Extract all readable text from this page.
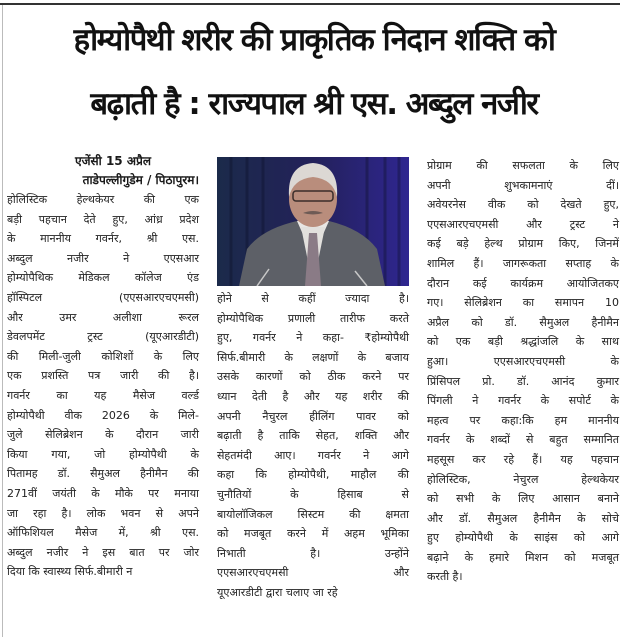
होम्योपैथी शरीर की प्राकृतिक निदान शक्ति को
बढ़ाती है : राज्यपाल श्री एस. अब्दुल नजीर
एजेंसी 15 अप्रैल
ताडेपल्लीगुडेम / पिठापुरम।
होलिस्टिक हेल्थकेयर की एक
बड़ी पहचान देते हुए, आंध्र प्रदेश
के माननीय गवर्नर, श्री एस.
अब्दुल नजीर ने एएसआर
होम्योपैथिक मेडिकल कॉलेज एंड
हॉस्पिटल (एएसआरएचएमसी)
और उमर अलीशा रूरल
डेवलपमेंट ट्रस्ट (यूएआरडीटी)
की मिली-जुली कोशिशों के लिए
एक प्रशस्ति पत्र जारी की है।
गवर्नर का यह मैसेज वर्ल्ड
होम्योपैथी वीक 2026 के मिले-
जुले सेलिब्रेशन के दौरान जारी
किया गया, जो होम्योपैथी के
पितामह डॉ. सैमुअल हैनीमैन की
271वीं जयंती के मौके पर मनाया
जा रहा है। लोक भवन से अपने
ऑफिशियल मैसेज में, श्री एस.
अब्दुल नजीर ने इस बात पर जोर
दिया कि स्वास्थ्य सिर्फ.बीमारी न
होने से कहीं ज्यादा है।
होम्योपैथिक प्रणाली तारीफ करते
हुए, गवर्नर ने कहा- ₹होम्योपैथी
सिर्फ.बीमारी के लक्षणों के बजाय
उसके कारणों को ठीक करने पर
ध्यान देती है और यह शरीर की
अपनी नैचुरल हीलिंग पावर को
बढ़ाती है ताकि सेहत, शक्ति और
सेहतमंदी आए। गवर्नर ने आगे
कहा कि होम्योपैथी, माहौल की
चुनौतियों के हिसाब से
बायोलॉजिकल सिस्टम की क्षमता
को मजबूत करने में अहम भूमिका
निभाती है। उन्होंने
एएसआरएचएमसी और
यूएआरडीटी द्वारा चलाए जा रहे
प्रोग्राम की सफलता के लिए
अपनी शुभकामनाएं दीं।
अवेयरनेस वीक को देखते हुए,
एएसआरएचएमसी और ट्रस्ट ने
कई बड़े हेल्थ प्रोग्राम किए, जिनमें
शामिल हैं। जागरूकता सप्ताह के
दौरान कई कार्यक्रम आयोजितकए
गए। सेलिब्रेशन का समापन 10
अप्रैल को डॉ. सैमुअल हैनीमैन
को एक बड़ी श्रद्धांजलि के साथ
हुआ। एएसआरएचएमसी के
प्रिंसिपल प्रो. डॉ. आनंद कुमार
पिंगली ने गवर्नर के सपोर्ट के
महत्व पर कहा:कि हम माननीय
गवर्नर के शब्दों से बहुत सम्मानित
महसूस कर रहे हैं। यह पहचान
होलिस्टिक, नेचुरल हेल्थकेयर
को सभी के लिए आसान बनाने
और डॉ. सैमुअल हैनीमैन के सोचे
हुए होम्योपैथी के साइंस को आगे
बढ़ाने के हमारे मिशन को मजबूत
करती है।
